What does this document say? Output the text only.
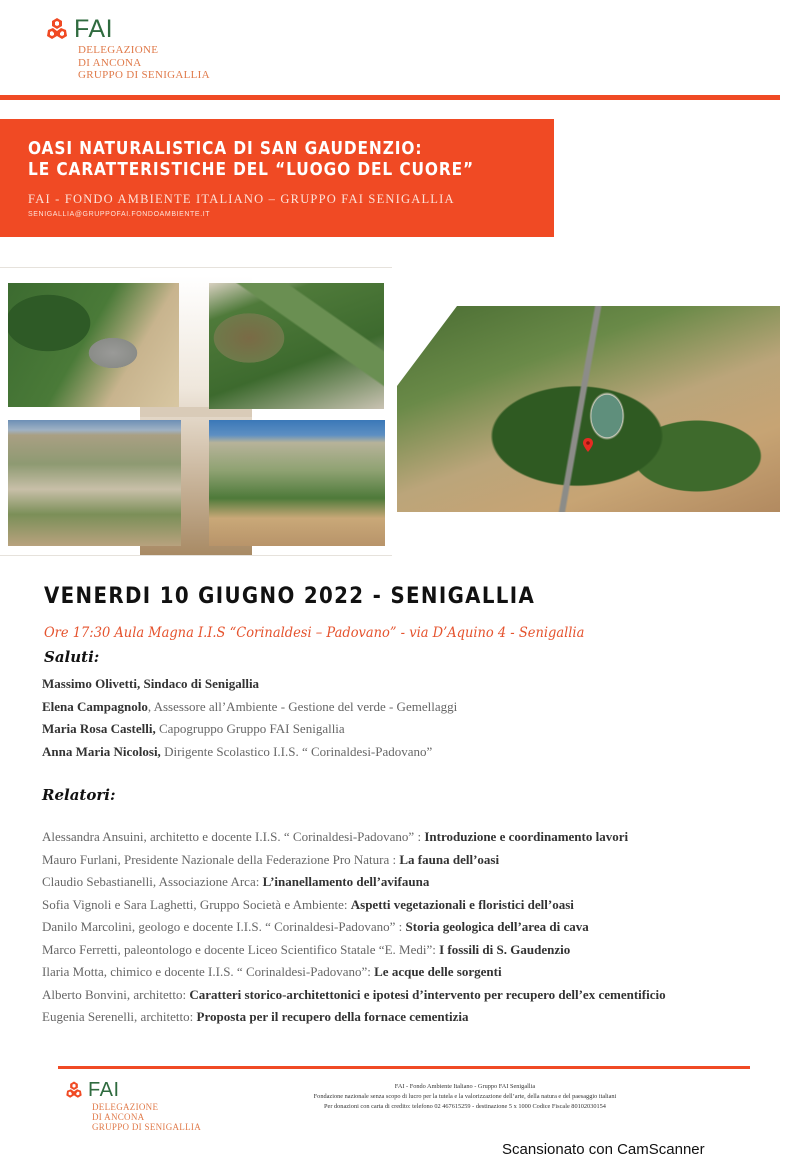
FAI
DELEGAZIONE
DI ANCONA
GRUPPO DI SENIGALLIA
OASI NATURALISTICA DI SAN GAUDENZIO:
LE CARATTERISTICHE DEL “LUOGO DEL CUORE”
FAI - FONDO AMBIENTE ITALIANO – GRUPPO FAI SENIGALLIA
SENIGALLIA@GRUPPOFAI.FONDOAMBIENTE.IT
VENERDI 10 GIUGNO 2022 - SENIGALLIA
Ore 17:30 Aula Magna I.I.S “Corinaldesi – Padovano” - via D’Aquino 4 - Senigallia
Saluti:
Massimo Olivetti, Sindaco di Senigallia
Elena Campagnolo, Assessore all’Ambiente - Gestione del verde - Gemellaggi
Maria Rosa Castelli, Capogruppo Gruppo FAI Senigallia
Anna Maria Nicolosi, Dirigente Scolastico I.I.S. “ Corinaldesi-Padovano”
Relatori:
Alessandra Ansuini, architetto e docente I.I.S. “ Corinaldesi-Padovano” : Introduzione e coordinamento lavori
Mauro Furlani, Presidente Nazionale della Federazione Pro Natura : La fauna dell’oasi
Claudio Sebastianelli, Associazione Arca: L’inanellamento dell’avifauna
Sofia Vignoli e Sara Laghetti, Gruppo Società e Ambiente: Aspetti vegetazionali e floristici dell’oasi
Danilo Marcolini, geologo e docente I.I.S. “ Corinaldesi-Padovano” : Storia geologica dell’area di cava
Marco Ferretti, paleontologo e docente Liceo Scientifico Statale “E. Medi”: I fossili di S. Gaudenzio
Ilaria Motta, chimico e docente I.I.S. “ Corinaldesi-Padovano”: Le acque delle sorgenti
Alberto Bonvini, architetto: Caratteri storico-architettonici e ipotesi d’intervento per recupero dell’ex cementificio
Eugenia Serenelli, architetto: Proposta per il recupero della fornace cementizia
FAI
DELEGAZIONE
DI ANCONA
GRUPPO DI SENIGALLIA
FAI - Fondo Ambiente Italiano - Gruppo FAI Senigallia
Fondazione nazionale senza scopo di lucro per la tutela e la valorizzazione dell’arte, della natura e del paesaggio italiani
Per donazioni con carta di credito: telefono 02 467615259 - destinazione 5 x 1000 Codice Fiscale 80102030154
Scansionato con CamScanner
